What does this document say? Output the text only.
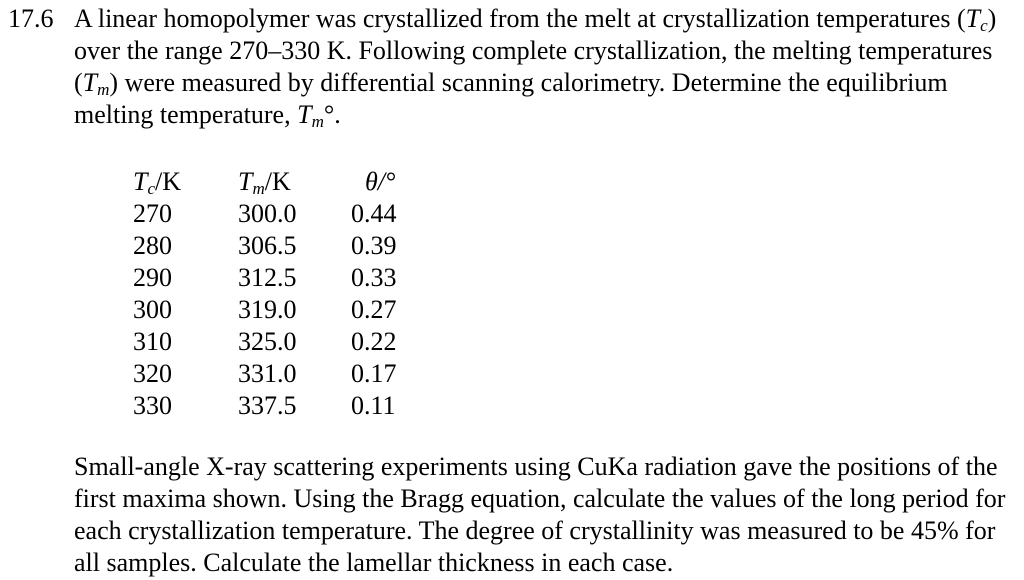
17.6 A linear homopolymer was crystallized from the melt at crystallization temperatures $(T_c)$ over the range 270–330 K. Following complete crystallization, the melting temperatures $(T_m)$ were measured by differential scanning calorimetry. Determine the equilibrium melting temperature, $T_m^\circ$.
$T_c/K$	$T_m/K$	θ/°
270	300.0	0.44
280	306.5	0.39
290	312.5	0.33
300	319.0	0.27
310	325.0	0.22
320	331.0	0.17
330	337.5	0.11
Small-angle X-ray scattering experiments using CuKa radiation gave the positions of the first maxima shown. Using the Bragg equation, calculate the values of the long period for each crystallization temperature. The degree of crystallinity was measured to be 45% for all samples. Calculate the lamellar thickness in each case.
